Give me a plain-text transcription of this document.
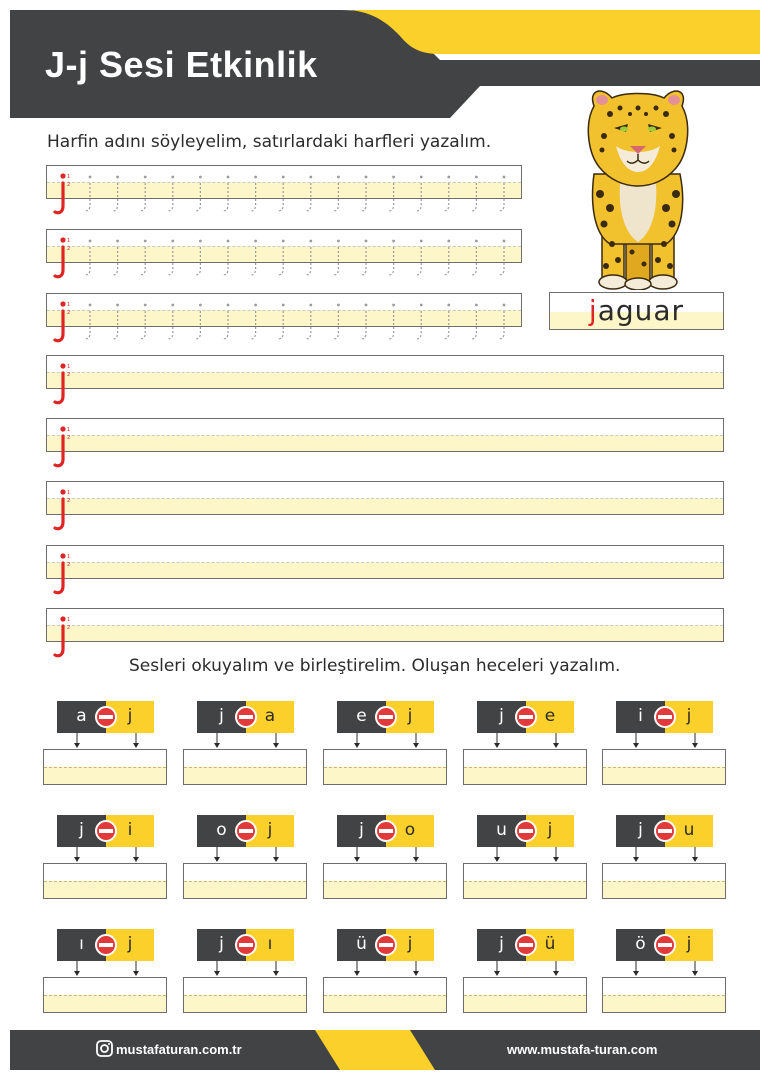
J-j Sesi Etkinlik
Harfin adını söyleyelim, satırlardaki harfleri yazalım.
jaguar
1
2
1
2
1
2
1
2
1
2
1
2
1
2
1
2
Sesleri okuyalım ve birleştirelim. Oluşan heceleri yazalım.
a	j	j	a	e	j	j	e	i	j
j	i	o	j	j	o	u	j	j	u
ı	j	j	ı	ü	j	j	ü	ö	j
mustafaturan.com.tr	www.mustafa-turan.com
